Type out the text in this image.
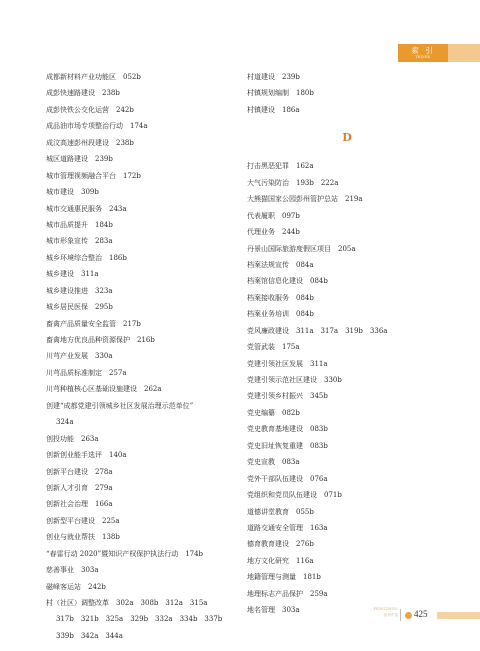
索 引
INDEX
成都新材料产业功能区　052b
成彭快速路建设　238b
成彭快铁公交化运营　242b
成品油市场专项整治行动　174a
成汶高速彭州段建设　238b
城区道路建设　239b
城市管理视频融合平台　172b
城市建设　309b
城市交通惠民服务　243a
城市品质提升　184b
城市形象宣传　283a
城乡环境综合整治　186b
城乡建设　311a
城乡建设推进　323a
城乡居民医保　295b
畜禽产品质量安全监管　217b
畜禽地方优良品种资源保护　216b
川芎产业发展　330a
川芎品质标准制定　257a
川芎种植核心区基础设施建设　262a
创建“成都党建引领城乡社区发展治理示范单位”
324a
创投功能　263a
创新创业能手选评　140a
创新平台建设　278a
创新人才引育　279a
创新社会治理　166a
创新型平台建设　225a
创业与就业帮扶　138b
“春雷行动 2020”暨知识产权保护执法行动　174b
慈善事业　303a
磁峰客运站　242b
村（社区）调整改革　302a　308b　312a　315a
317b　321b　325a　329b　332a　334b　337b
339b　342a　344a
村道建设　239b
村镇规划编制　180b
村镇建设　186a
D
打击黑恶犯罪　162a
大气污染防治　193b　222a
大熊猫国家公园彭州管护总站　219a
代表履职　097b
代理业务　244b
丹景山国际旅游度假区项目　205a
档案法规宣传　084a
档案馆信息化建设　084b
档案接收服务　084b
档案业务培训　084b
党风廉政建设　311a　317a　319b　336a
党管武装　175a
党建引领社区发展　311a
党建引领示范社区建设　330b
党建引领乡村振兴　345b
党史编纂　082b
党史教育基地建设　083b
党史旧址恢复重建　083b
党史宣教　083a
党外干部队伍建设　076a
党组织和党员队伍建设　071b
道德讲堂教育　055b
道路交通安全管理　163a
德育教育建设　276b
地方文化研究　116a
地籍管理与测量　181b
地理标志产品保护　259a
地名管理　303a	PENGZHOU
彭州年鉴 425
